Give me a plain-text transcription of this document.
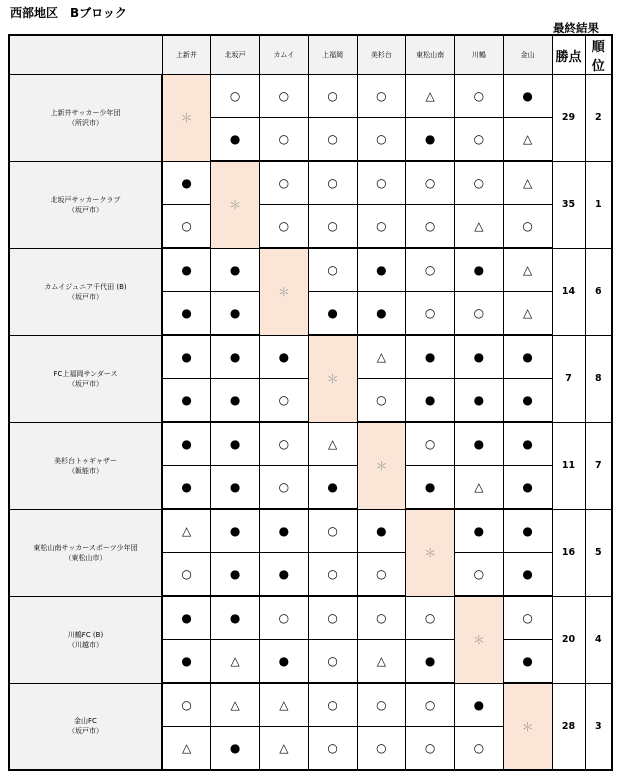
西部地区　Bブロック
最終結果
	上新井	北坂戸	カムイ	上福岡	美杉台	東松山南	川鶴	金山	勝点	順位

上新井サッカー少年団
（所沢市）	＊	○	○	○	○	△	○	●	29	2
		●	○	○	○	●	○	△		

北坂戸サッカークラブ
（坂戸市）	●	＊	○	○	○	○	○	△	35	1
	○		○	○	○	○	△	○		

カムイジュニア千代田 (B)
（坂戸市）	●	●	＊	○	●	○	●	△	14	6
	●	●		●	●	○	○	△		

FC上福岡サンダース
（坂戸市）	●	●	●	＊	△	●	●	●	7	8
	●	●	○		○	●	●	●		

美杉台トゥギャザー
（飯能市）	●	●	○	△	＊	○	●	●	11	7
	●	●	○	●		●	△	●		

東松山南サッカースポーツ少年団
（東松山市）	△	●	●	○	●	＊	●	●	16	5
	○	●	●	○	○		○	●		

川鶴FC (B)
（川越市）	●	●	○	○	○	○	＊	○	20	4
	●	△	●	○	△	●		●		

金山FC
（坂戸市）	○	△	△	○	○	○	●	＊	28	3
	△	●	△	○	○	○	○			
